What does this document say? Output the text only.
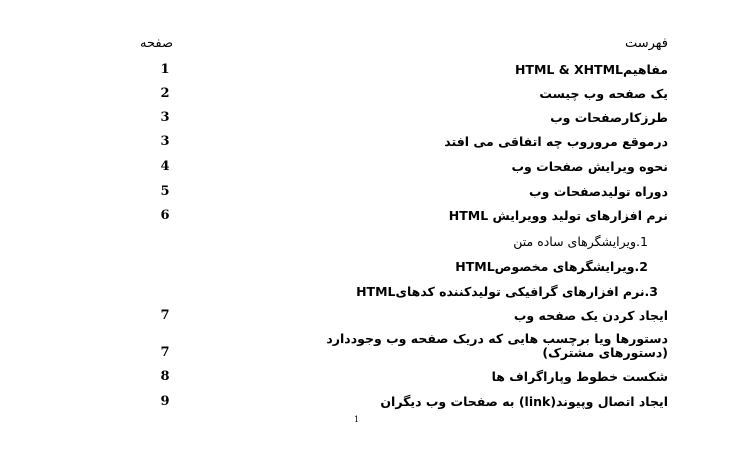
فهرست
صفحه
مفاهیمHTML & XHTML
1
یک صفحه وب چیست
2
طرزکارصفحات وب
3
درموقع مروروب چه اتفاقی می افتد
3
نحوه ویرایش صفحات وب
4
دوراه تولیدصفحات وب
5
نرم افزارهای تولید وویرایش HTML
6
1.ویرایشگرهای ساده متن
2.ویرایشگرهای مخصوصHTML
3.نرم افزارهای گرافیکی تولیدکننده کدهایHTML
ایجاد کردن یک صفحه وب
7
دستورها ویا برچسب هایی که دریک صفحه وب وجوددارد
(دستورهای مشترک)
7
شکست خطوط وپاراگراف ها
8
ایجاد اتصال وپیوند(link) به صفحات وب دیگران
9
1
